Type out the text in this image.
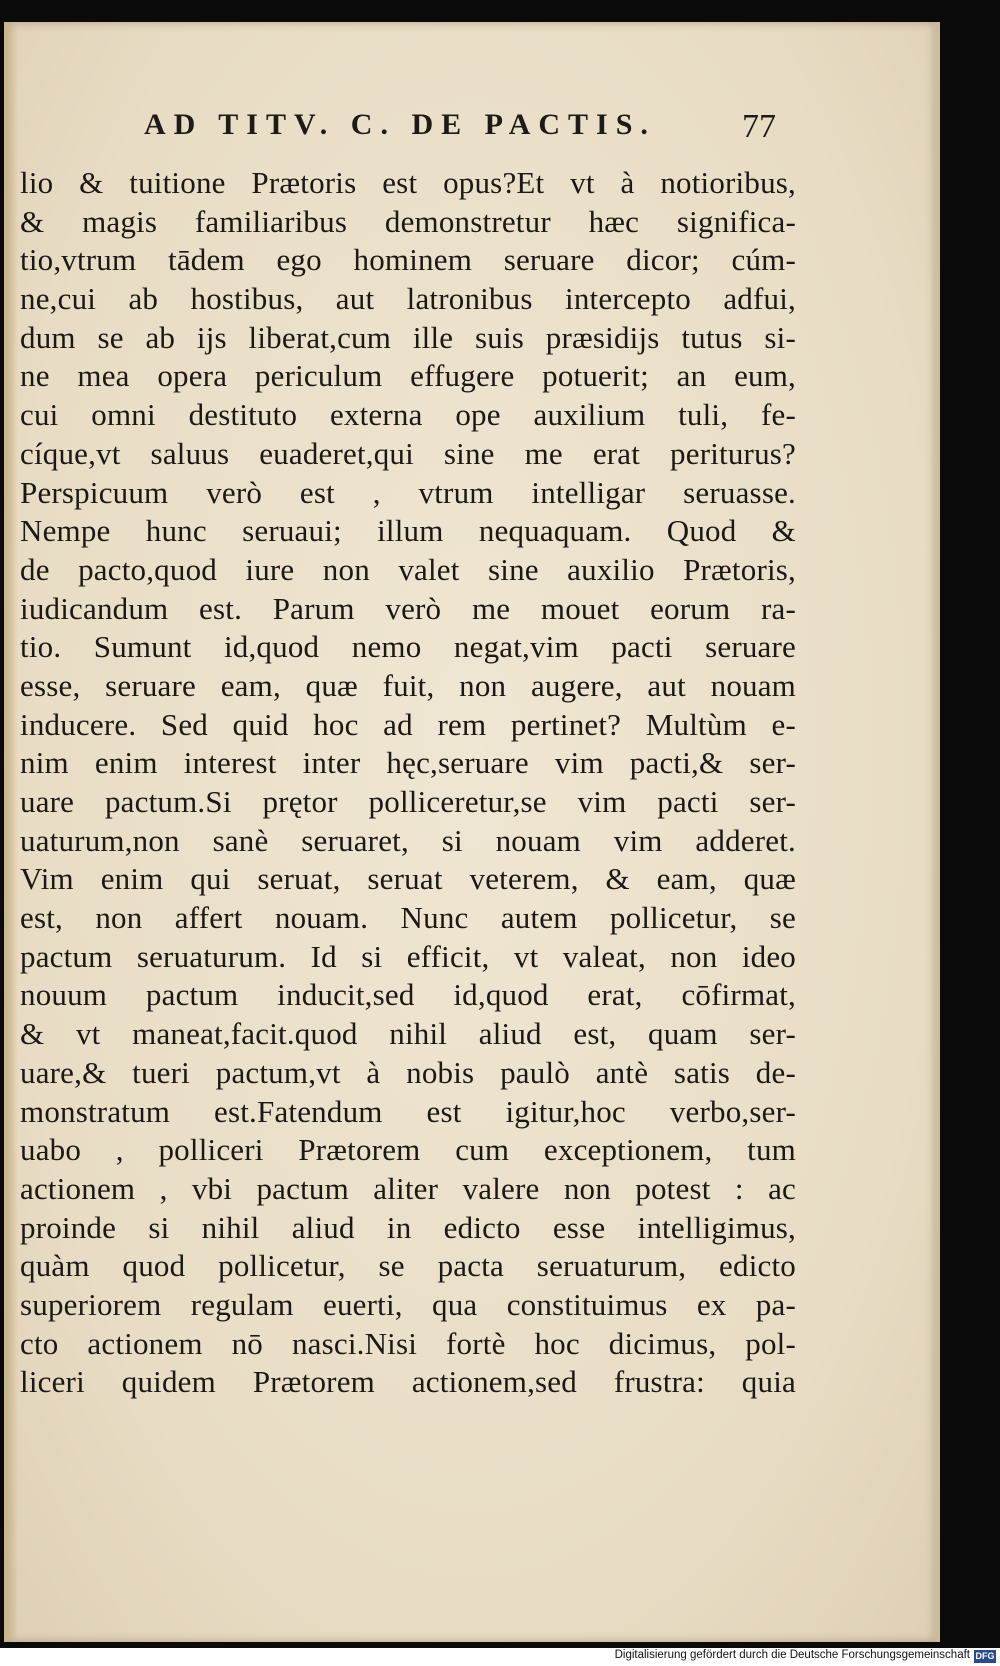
AD TITV. C. DE PACTIS.	77
lio & tuitione Prætoris est opus?Et vt à notioribus,
& magis familiaribus demonstretur hæc significa-
tio,vtrum tādem ego hominem seruare dicor; cúm-
ne,cui ab hostibus, aut latronibus intercepto adfui,
dum se ab ijs liberat,cum ille suis præsidijs tutus si-
ne mea opera periculum effugere potuerit; an eum,
cui omni destituto externa ope auxilium tuli, fe-
cíque,vt saluus euaderet,qui sine me erat periturus?
Perspicuum verò est , vtrum intelligar seruasse.
Nempe hunc seruaui; illum nequaquam. Quod &
de pacto,quod iure non valet sine auxilio Prætoris,
iudicandum est. Parum verò me mouet eorum ra-
tio. Sumunt id,quod nemo negat,vim pacti seruare
esse, seruare eam, quæ fuit, non augere, aut nouam
inducere. Sed quid hoc ad rem pertinet? Multùm e-
nim enim interest inter hęc,seruare vim pacti,& ser-
uare pactum.Si prętor polliceretur,se vim pacti ser-
uaturum,non sanè seruaret, si nouam vim adderet.
Vim enim qui seruat, seruat veterem, & eam, quæ
est, non affert nouam. Nunc autem pollicetur, se
pactum seruaturum. Id si efficit, vt valeat, non ideo
nouum pactum inducit,sed id,quod erat, cōfirmat,
& vt maneat,facit.quod nihil aliud est, quam ser-
uare,& tueri pactum,vt à nobis paulò antè satis de-
monstratum est.Fatendum est igitur,hoc verbo,ser-
uabo , polliceri Prætorem cum exceptionem, tum
actionem , vbi pactum aliter valere non potest : ac
proinde si nihil aliud in edicto esse intelligimus,
quàm quod pollicetur, se pacta seruaturum, edicto
superiorem regulam euerti, qua constituimus ex pa-
cto actionem nō nasci.Nisi fortè hoc dicimus, pol-
liceri quidem Prætorem actionem,sed frustra: quia
Digitalisierung gefördert durch die Deutsche Forschungsgemeinschaft DFG
